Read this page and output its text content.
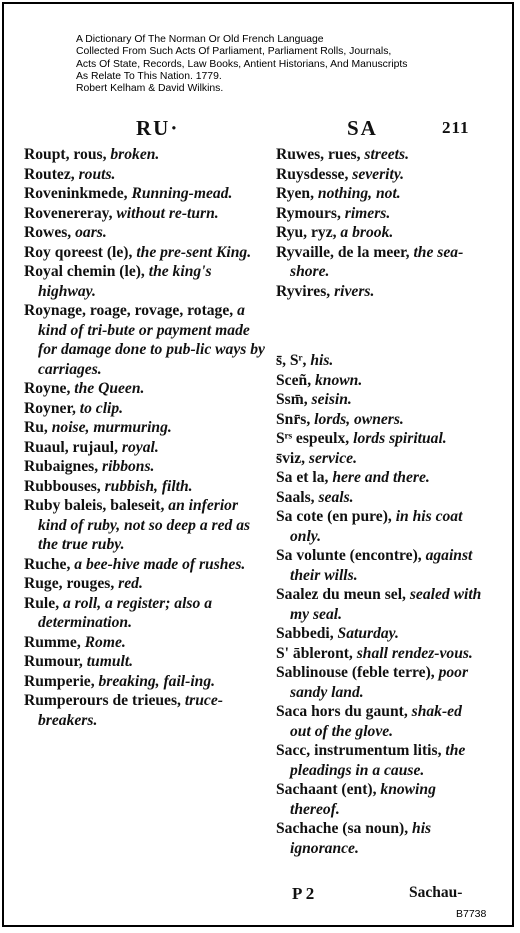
A Dictionary Of The Norman Or Old French Language
Collected From Such Acts Of Parliament, Parliament Rolls, Journals,
Acts Of State, Records, Law Books, Antient Historians, And Manuscripts
As Relate To This Nation. 1779.
Robert Kelham & David Wilkins.
RU·	SA	211

Roupt, rous, broken.

Routez, routs.

Roveninkmede, Running-mead.

Rovenereray, without re-turn.

Rowes, oars.

Roy qoreest (le), the pre-sent King.

Royal chemin (le), the king's highway.

Roynage, roage, rovage, rotage, a kind of tri-bute or payment made for damage done to pub-lic ways by carriages.

Royne, the Queen.

Royner, to clip.

Ru, noise, murmuring.

Ruaul, rujaul, royal.

Rubaignes, ribbons.

Rubbouses, rubbish, filth.

Ruby baleis, baleseit, an inferior kind of ruby, not so deep a red as the true ruby.

Ruche, a bee-hive made of rushes.

Ruge, rouges, red.

Rule, a roll, a register; also a determination.

Rumme, Rome.

Rumour, tumult.

Rumperie, breaking, fail-ing.

Rumperours de trieues, truce-breakers.

Ruwes, rues, streets.

Ruysdesse, severity.

Ryen, nothing, not.

Rymours, rimers.

Ryu, ryz, a brook.

Ryvaille, de la meer, the sea-shore.

Ryvires, rivers.

s̄, Sʳ, his.

Sceñ, known.

Ssm̄, seisin.

Snr̄s, lords, owners.

Sʳˢ espeulx, lords spiritual.

s̄viz, service.

Sa et la, here and there.

Saals, seals.

Sa cote (en pure), in his coat only.

Sa volunte (encontre), against their wills.

Saalez du meun sel, sealed with my seal.

Sabbedi, Saturday.

S' ābleront, shall rendez-vous.

Sablinouse (feble terre), poor sandy land.

Saca hors du gaunt, shak-ed out of the glove.

Sacc, instrumentum litis, the pleadings in a cause.

Sachaant (ent), knowing thereof.

Sachache (sa noun), his ignorance.

P 2	Sachau-
B7738
